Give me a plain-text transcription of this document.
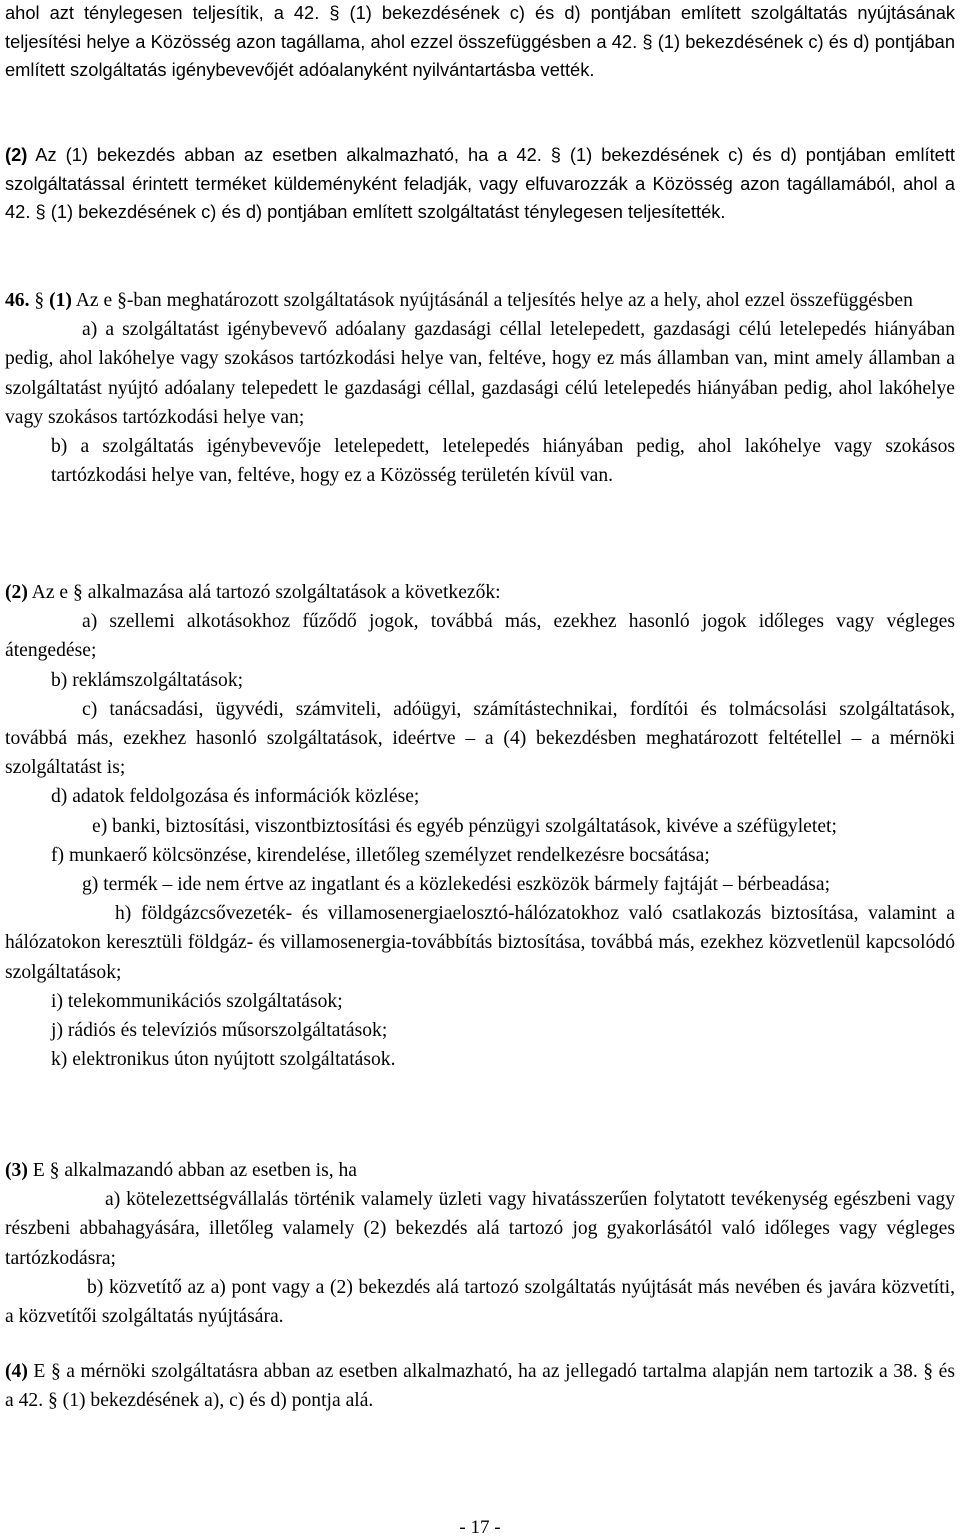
ahol azt ténylegesen teljesítik, a 42. § (1) bekezdésének c) és d) pontjában említett szolgáltatás nyújtásának teljesítési helye a Közösség azon tagállama, ahol ezzel összefüggésben a 42. § (1) bekezdésének c) és d) pontjában említett szolgáltatás igénybevevőjét adóalanyként nyilvántartásba vették.

(2) Az (1) bekezdés abban az esetben alkalmazható, ha a 42. § (1) bekezdésének c) és d) pontjában említett szolgáltatással érintett terméket küldeményként feladják, vagy elfuvarozzák a Közösség azon tagállamából, ahol a 42. § (1) bekezdésének c) és d) pontjában említett szolgáltatást ténylegesen teljesítették.

46. § (1) Az e §-ban meghatározott szolgáltatások nyújtásánál a teljesítés helye az a hely, ahol ezzel összefüggésben

a) a szolgáltatást igénybevevő adóalany gazdasági céllal letelepedett, gazdasági célú letelepedés hiányában pedig, ahol lakóhelye vagy szokásos tartózkodási helye van, feltéve, hogy ez más államban van, mint amely államban a szolgáltatást nyújtó adóalany telepedett le gazdasági céllal, gazdasági célú letelepedés hiányában pedig, ahol lakóhelye vagy szokásos tartózkodási helye van;

b) a szolgáltatás igénybevevője letelepedett, letelepedés hiányában pedig, ahol lakóhelye vagy szokásos tartózkodási helye van, feltéve, hogy ez a Közösség területén kívül van.

(2) Az e § alkalmazása alá tartozó szolgáltatások a következők:

a) szellemi alkotásokhoz fűződő jogok, továbbá más, ezekhez hasonló jogok időleges vagy végleges átengedése;

b) reklámszolgáltatások;

c) tanácsadási, ügyvédi, számviteli, adóügyi, számítástechnikai, fordítói és tolmácsolási szolgáltatások, továbbá más, ezekhez hasonló szolgáltatások, ideértve – a (4) bekezdésben meghatározott feltétellel – a mérnöki szolgáltatást is;

d) adatok feldolgozása és információk közlése;

e) banki, biztosítási, viszontbiztosítási és egyéb pénzügyi szolgáltatások, kivéve a széfügyletet;

f) munkaerő kölcsönzése, kirendelése, illetőleg személyzet rendelkezésre bocsátása;

g) termék – ide nem értve az ingatlant és a közlekedési eszközök bármely fajtáját – bérbeadása;

h) földgázcsővezeték- és villamosenergiaelosztó-hálózatokhoz való csatlakozás biztosítása, valamint a hálózatokon keresztüli földgáz- és villamosenergia-továbbítás biztosítása, továbbá más, ezekhez közvetlenül kapcsolódó szolgáltatások;

i) telekommunikációs szolgáltatások;

j) rádiós és televíziós műsorszolgáltatások;

k) elektronikus úton nyújtott szolgáltatások.

(3) E § alkalmazandó abban az esetben is, ha

a) kötelezettségvállalás történik valamely üzleti vagy hivatásszerűen folytatott tevékenység egészbeni vagy részbeni abbahagyására, illetőleg valamely (2) bekezdés alá tartozó jog gyakorlásától való időleges vagy végleges tartózkodásra;

b) közvetítő az a) pont vagy a (2) bekezdés alá tartozó szolgáltatás nyújtását más nevében és javára közvetíti, a közvetítői szolgáltatás nyújtására.

(4) E § a mérnöki szolgáltatásra abban az esetben alkalmazható, ha az jellegadó tartalma alapján nem tartozik a 38. § és a 42. § (1) bekezdésének a), c) és d) pontja alá.

- 17 -
